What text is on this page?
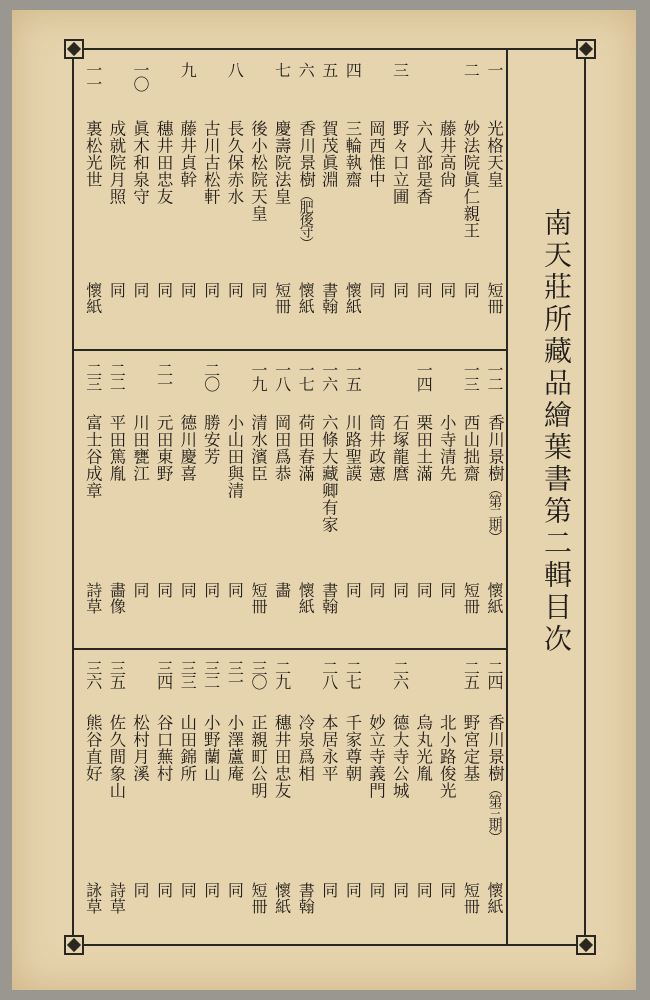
南天莊所藏品繪葉書第二輯目次
一
光格天皇
短冊
二
妙法院眞仁親王
同
藤井高尙
同
六人部是香
同
三
野々口立圃
同
岡西惟中
同
四
三輪執齋
懷紙
五
賀茂眞淵
書翰
六
香川景樹（肥後守）
懷紙
七
慶壽院法皇
短冊
後小松院天皇
同
八
長久保赤水
同
古川古松軒
同
九
藤井貞幹
同
穗井田忠友
同
一〇
眞木和泉守
同
成就院月照
同
一一
裏松光世
懷紙
一二
香川景樹（第二期）
懷紙
一三
西山拙齋
短冊
小寺清先
同
一四
栗田土滿
同
石塚龍麿
同
筒井政憲
同
一五
川路聖謨
同
一六
六條大藏卿有家
書翰
一七
荷田春滿
懷紙
一八
岡田爲恭
畵
一九
清水濱臣
短冊
小山田與清
同
二〇
勝安芳
同
德川慶喜
同
二一
元田東野
同
川田甕江
同
二二
平田篤胤
畵像
二三
富士谷成章
詩草
二四
香川景樹（第三期）
懷紙
二五
野宮定基
短冊
北小路俊光
同
烏丸光胤
同
二六
德大寺公城
同
妙立寺義門
同
二七
千家尊朝
同
二八
本居永平
同
冷泉爲相
書翰
二九
穗井田忠友
懷紙
三〇
正親町公明
短冊
三一
小澤蘆庵
同
三二
小野蘭山
同
三三
山田錦所
同
三四
谷口蕪村
同
松村月溪
同
三五
佐久間象山
詩草
三六
熊谷直好
詠草
